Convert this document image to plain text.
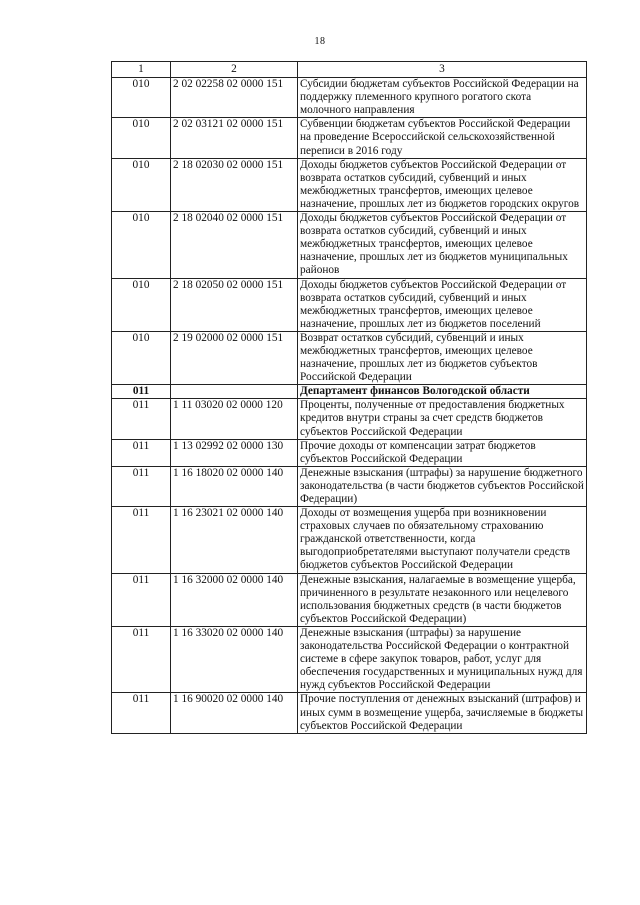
18
1	2	3
010	2 02 02258 02 0000 151	Субсидии бюджетам субъектов Российской Федерации на поддержку племенного крупного рогатого скота молочного направления
010	2 02 03121 02 0000 151	Субвенции бюджетам субъектов Российской Федерации на проведение Всероссийской сельскохозяйственной переписи в 2016 году
010	2 18 02030 02 0000 151	Доходы бюджетов субъектов Российской Федерации от возврата остатков субсидий, субвенций и иных межбюджетных трансфертов, имеющих целевое назначение, прошлых лет из бюджетов городских округов
010	2 18 02040 02 0000 151	Доходы бюджетов субъектов Российской Федерации от возврата остатков субсидий, субвенций и иных межбюджетных трансфертов, имеющих целевое назначение, прошлых лет из бюджетов муниципальных районов
010	2 18 02050 02 0000 151	Доходы бюджетов субъектов Российской Федерации от возврата остатков субсидий, субвенций и иных межбюджетных трансфертов, имеющих целевое назначение, прошлых лет из бюджетов поселений
010	2 19 02000 02 0000 151	Возврат остатков субсидий, субвенций и иных межбюджетных трансфертов, имеющих целевое назначение, прошлых лет из бюджетов субъектов Российской Федерации
011		Департамент финансов Вологодской области
011	1 11 03020 02 0000 120	Проценты, полученные от предоставления бюджетных кредитов внутри страны за счет средств бюджетов субъектов Российской Федерации
011	1 13 02992 02 0000 130	Прочие доходы от компенсации затрат бюджетов субъектов Российской Федерации
011	1 16 18020 02 0000 140	Денежные взыскания (штрафы) за нарушение бюджетного законодательства (в части бюджетов субъектов Российской Федерации)
011	1 16 23021 02 0000 140	Доходы от возмещения ущерба при возникновении страховых случаев по обязательному страхованию гражданской ответственности, когда выгодоприобретателями выступают получатели средств бюджетов субъектов Российской Федерации
011	1 16 32000 02 0000 140	Денежные взыскания, налагаемые в возмещение ущерба, причиненного в результате незаконного или нецелевого использования бюджетных средств (в части бюджетов субъектов Российской Федерации)
011	1 16 33020 02 0000 140	Денежные взыскания (штрафы) за нарушение законодательства Российской Федерации о контрактной системе в сфере закупок товаров, работ, услуг для обеспечения государственных и муниципальных нужд для нужд субъектов Российской Федерации
011	1 16 90020 02 0000 140	Прочие поступления от денежных взысканий (штрафов) и иных сумм в возмещение ущерба, зачисляемые в бюджеты субъектов Российской Федерации
